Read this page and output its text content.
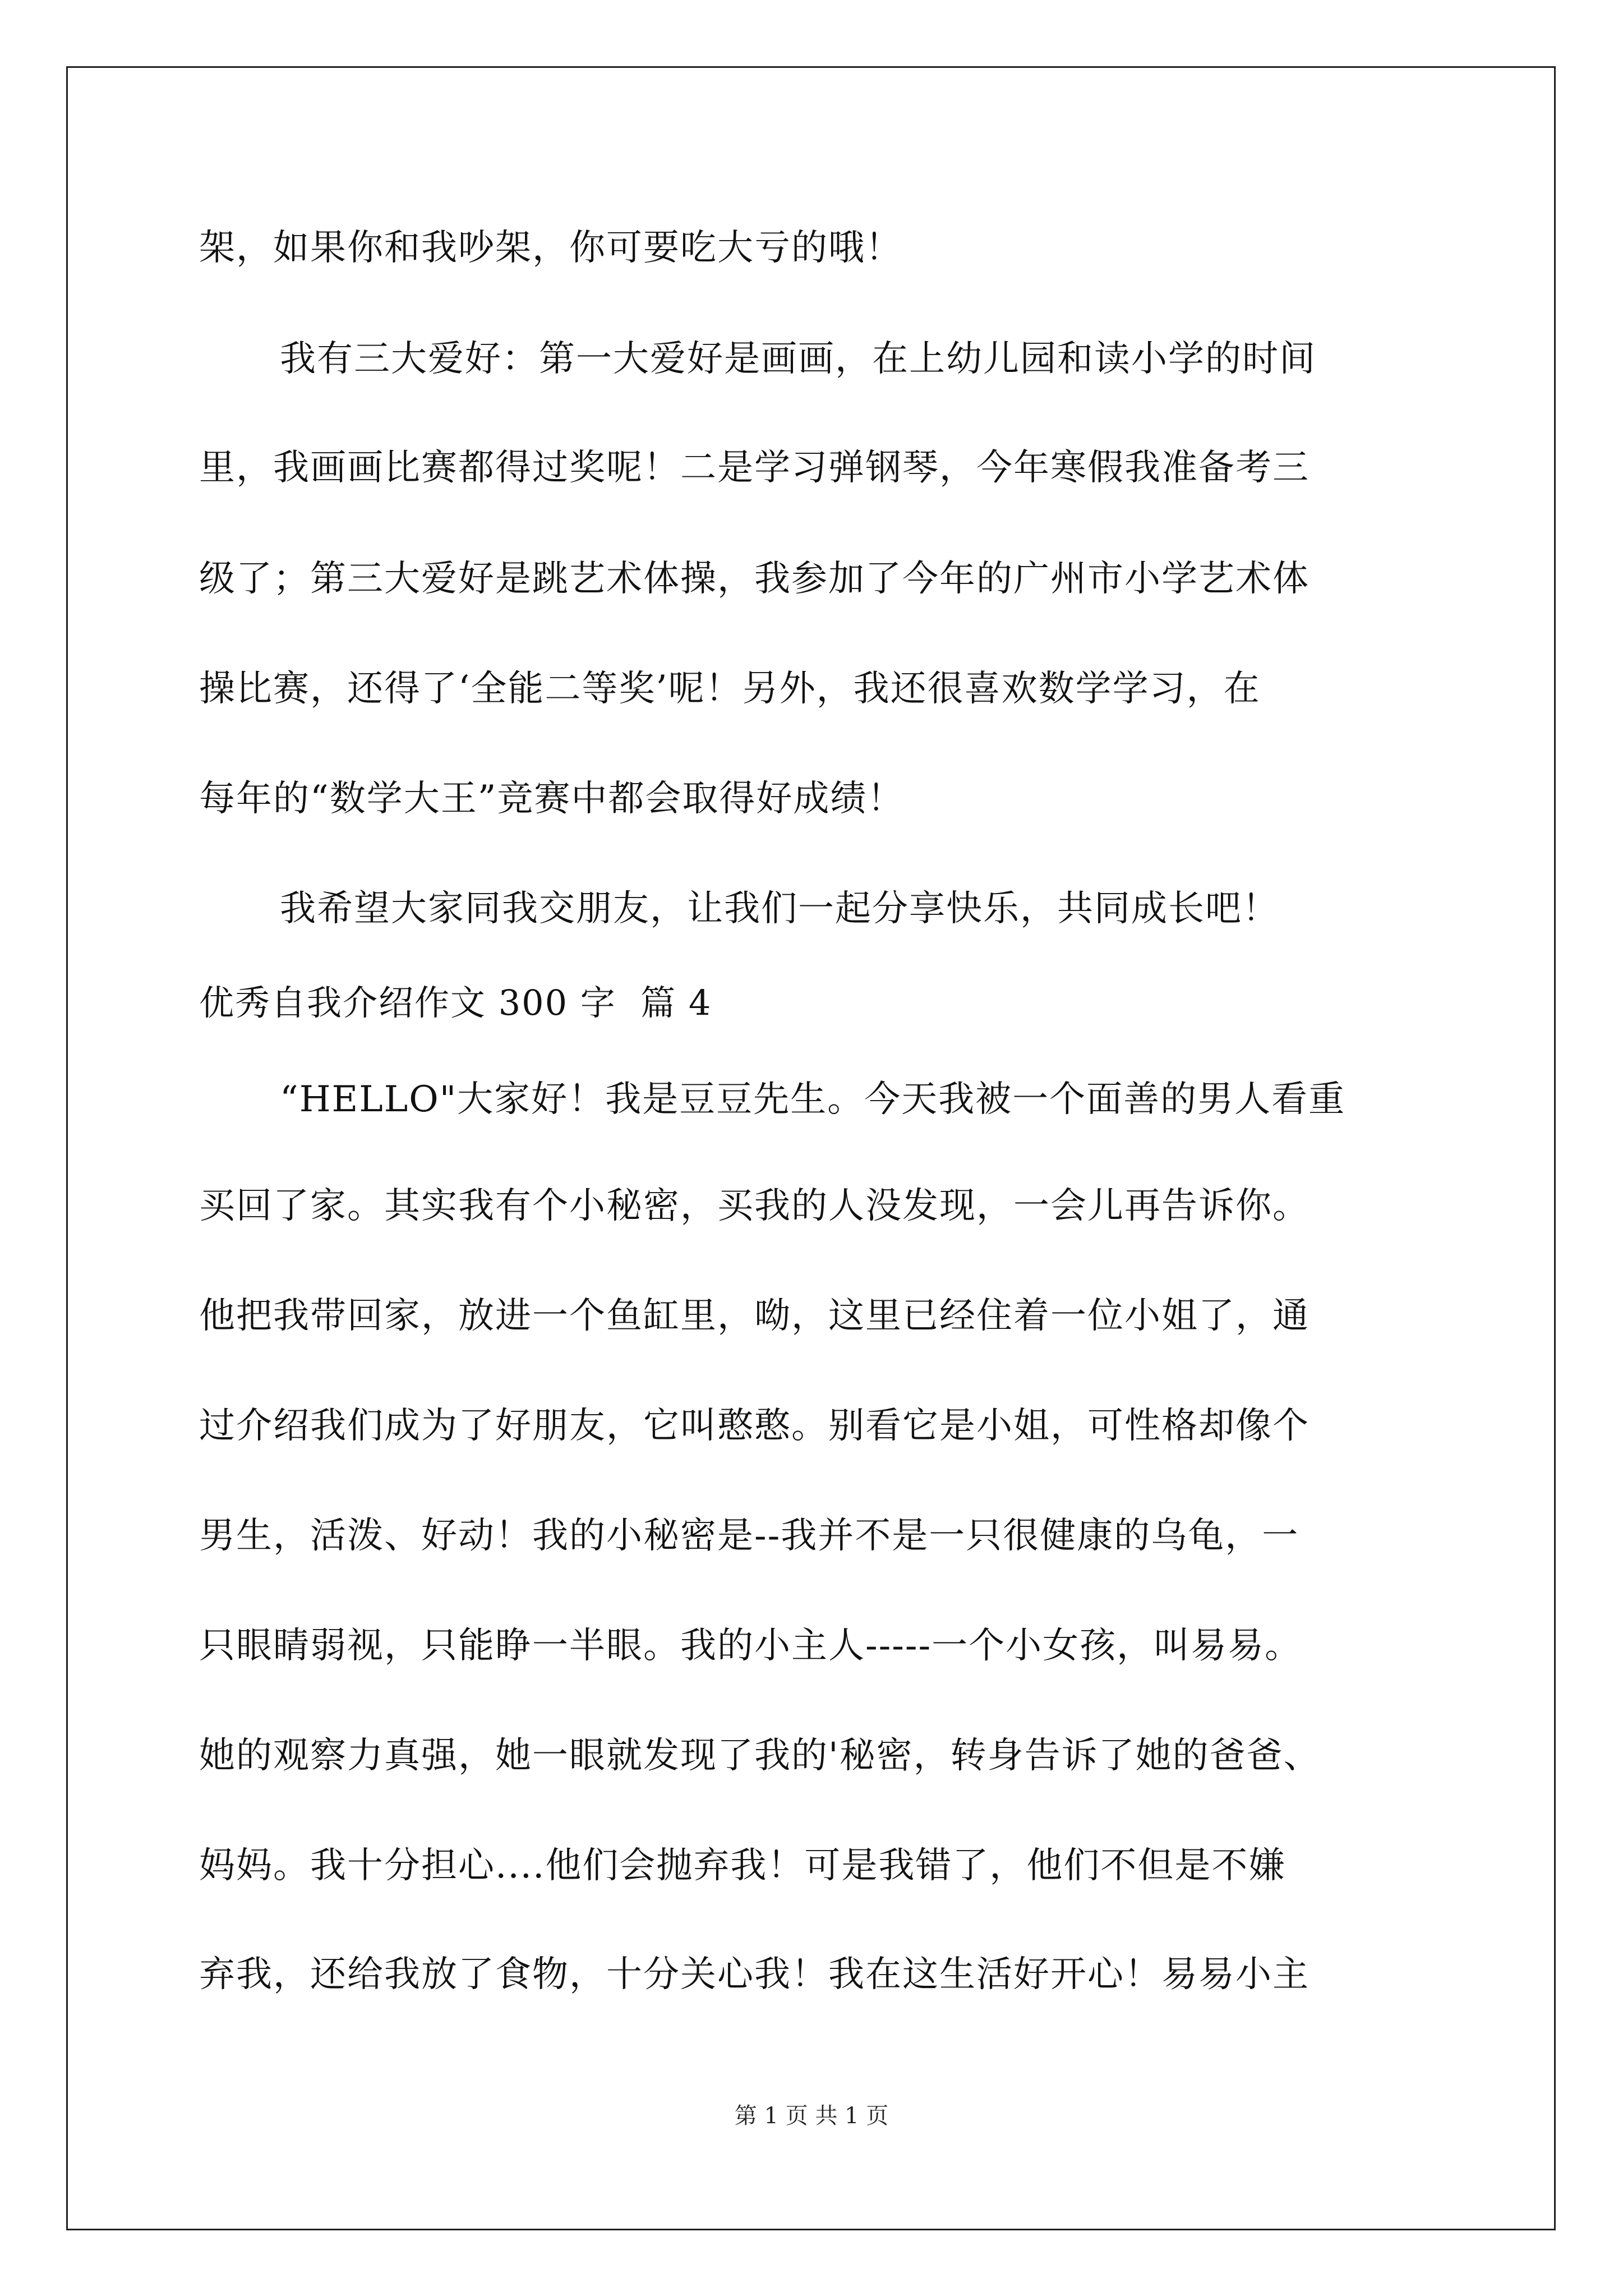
架，如果你和我吵架，你可要吃大亏的哦！
我有三大爱好：第一大爱好是画画，在上幼儿园和读小学的时间
里，我画画比赛都得过奖呢！二是学习弹钢琴，今年寒假我准备考三
级了；第三大爱好是跳艺术体操，我参加了今年的广州市小学艺术体
操比赛，还得了‘全能二等奖’呢！另外，我还很喜欢数学学习，在
每年的“数学大王”竞赛中都会取得好成绩！
我希望大家同我交朋友，让我们一起分享快乐，共同成长吧！
优秀自我介绍作文 300 字  篇 4
“HELLO"大家好！我是豆豆先生。今天我被一个面善的男人看重
买回了家。其实我有个小秘密，买我的人没发现，一会儿再告诉你。
他把我带回家，放进一个鱼缸里，呦，这里已经住着一位小姐了，通
过介绍我们成为了好朋友，它叫憨憨。别看它是小姐，可性格却像个
男生，活泼、好动！我的小秘密是--我并不是一只很健康的乌龟，一
只眼睛弱视，只能睁一半眼。我的小主人-----一个小女孩，叫易易。
她的观察力真强，她一眼就发现了我的'秘密，转身告诉了她的爸爸、
妈妈。我十分担心....他们会抛弃我！可是我错了，他们不但是不嫌
弃我，还给我放了食物，十分关心我！我在这生活好开心！易易小主
第 1 页 共 1 页
